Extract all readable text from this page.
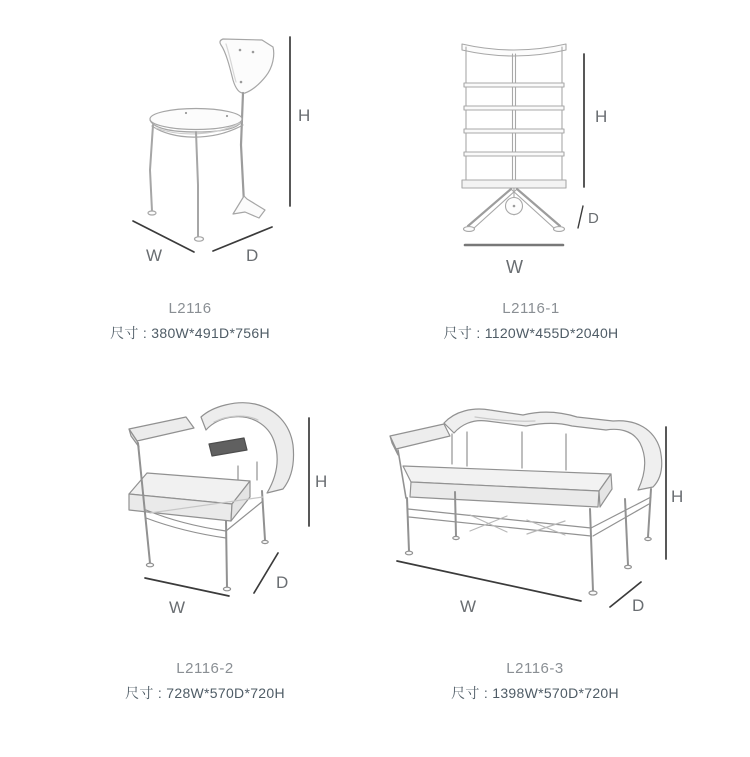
H
W	D
L2116
尺寸 : 380W*491D*756H
H
D
W
L2116-1
尺寸 : 1120W*455D*2040H
H
W
D
L2116-2
尺寸 : 728W*570D*720H
H
W	D
L2116-3
尺寸 : 1398W*570D*720H
